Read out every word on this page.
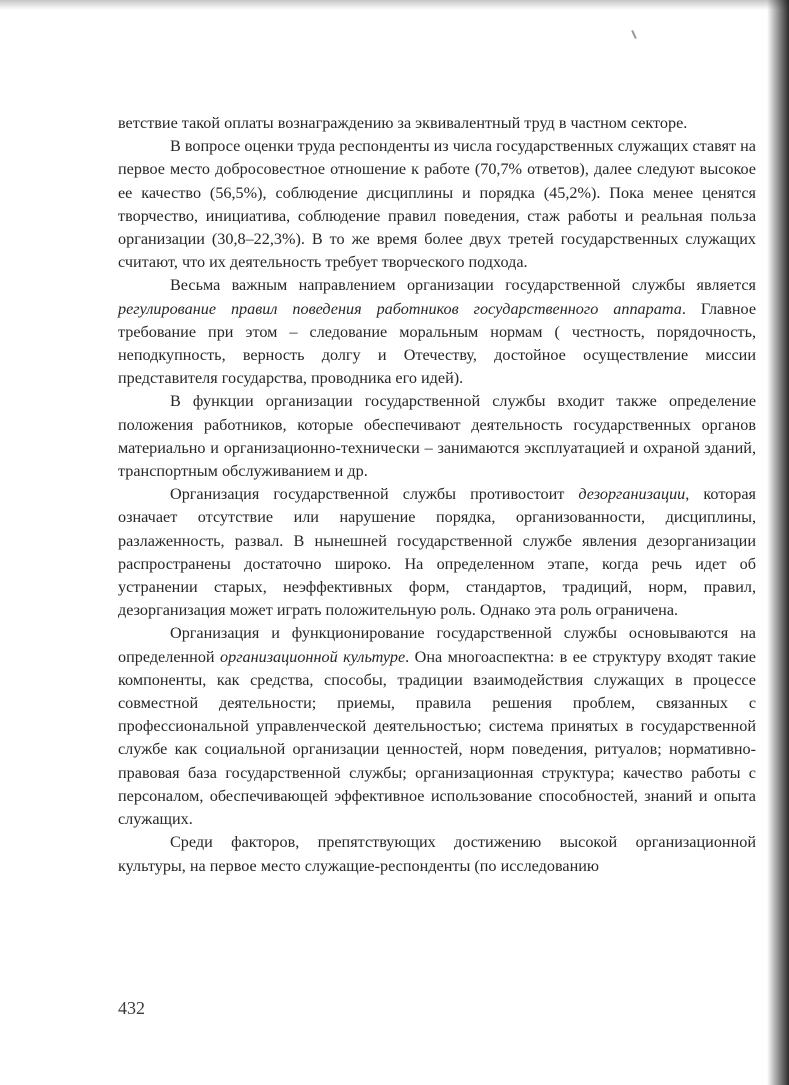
ветствие такой оплаты вознаграждению за эквивалентный труд в частном секторе.

В вопросе оценки труда респонденты из числа государственных служащих ставят на первое место добросовестное отношение к работе (70,7% ответов), далее следуют высокое ее качество (56,5%), соблюдение дисциплины и порядка (45,2%). Пока менее ценятся творчество, инициатива, соблюдение правил поведения, стаж работы и реальная польза организации (30,8–22,3%). В то же время более двух третей государственных служащих считают, что их деятельность требует творческого подхода.

Весьма важным направлением организации государственной службы является регулирование правил поведения работников государственного аппарата. Главное требование при этом – следование моральным нормам ( честность, порядочность, неподкупность, верность долгу и Отечеству, достойное осуществление миссии представителя государства, проводника его идей).

В функции организации государственной службы входит также определение положения работников, которые обеспечивают деятельность государственных органов материально и организационно-технически – занимаются эксплуатацией и охраной зданий, транспортным обслуживанием и др.

Организация государственной службы противостоит дезорганизации, которая означает отсутствие или нарушение порядка, организованности, дисциплины, разлаженность, развал. В нынешней государственной службе явления дезорганизации распространены достаточно широко. На определенном этапе, когда речь идет об устранении старых, неэффективных форм, стандартов, традиций, норм, правил, дезорганизация может играть положительную роль. Однако эта роль ограничена.

Организация и функционирование государственной службы основываются на определенной организационной культуре. Она многоаспектна: в ее структуру входят такие компоненты, как средства, способы, традиции взаимодействия служащих в процессе совместной деятельности; приемы, правила решения проблем, связанных с профессиональной управленческой деятельностью; система принятых в государственной службе как социальной организации ценностей, норм поведения, ритуалов; нормативно-правовая база государственной службы; организационная структура; качество работы с персоналом, обеспечивающей эффективное использование способностей, знаний и опыта служащих.

Среди факторов, препятствующих достижению высокой организационной культуры, на первое место служащие-респонденты (по исследованию

432
